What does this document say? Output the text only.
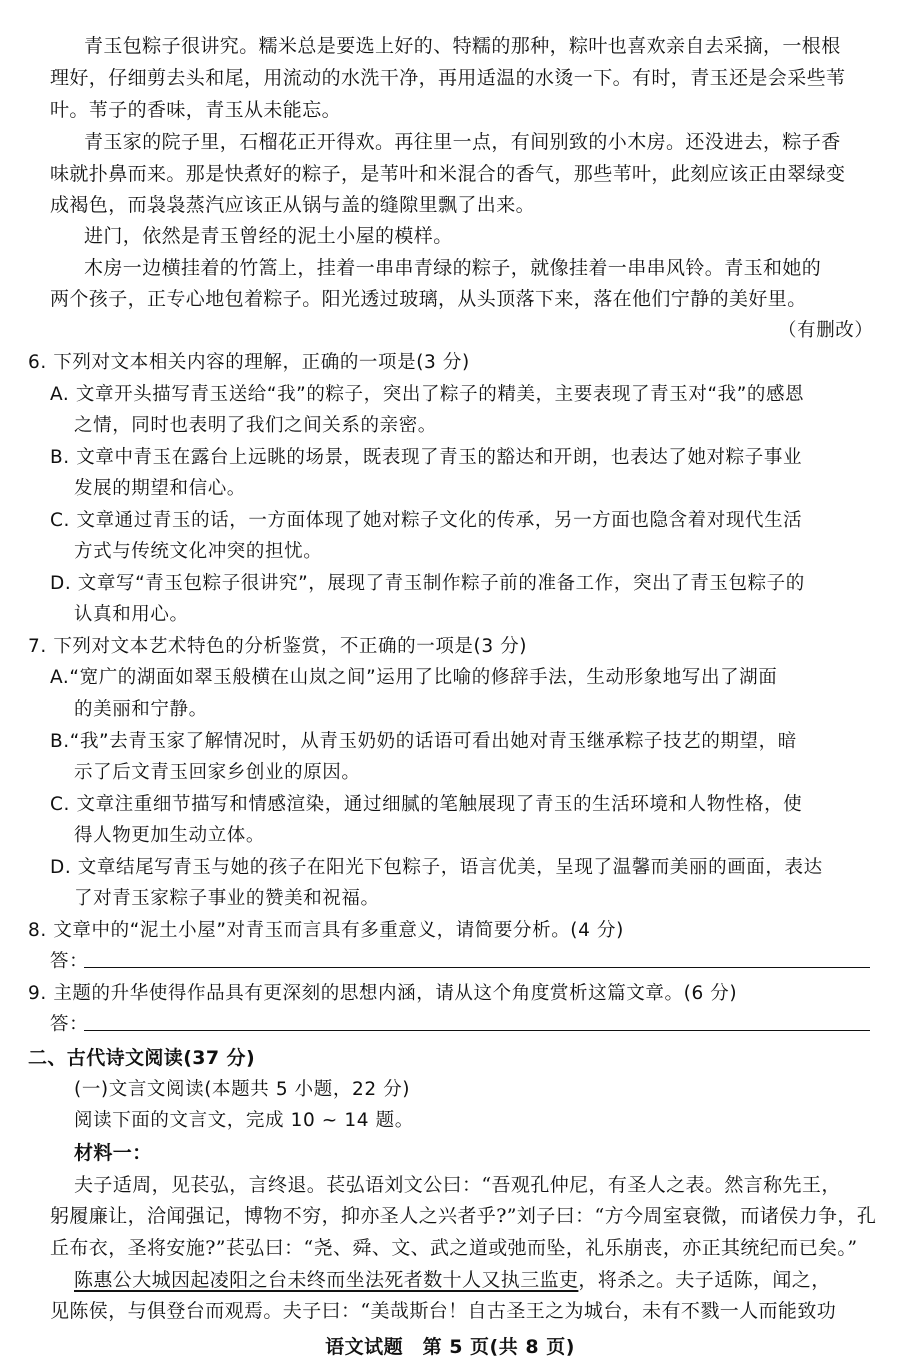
青玉包粽子很讲究。糯米总是要选上好的、特糯的那种，粽叶也喜欢亲自去采摘，一根根
理好，仔细剪去头和尾，用流动的水洗干净，再用适温的水烫一下。有时，青玉还是会采些苇
叶。苇子的香味，青玉从未能忘。
青玉家的院子里，石榴花正开得欢。再往里一点，有间别致的小木房。还没进去，粽子香
味就扑鼻而来。那是快煮好的粽子，是苇叶和米混合的香气，那些苇叶，此刻应该正由翠绿变
成褐色，而袅袅蒸汽应该正从锅与盖的缝隙里飘了出来。
进门，依然是青玉曾经的泥土小屋的模样。
木房一边横挂着的竹篙上，挂着一串串青绿的粽子，就像挂着一串串风铃。青玉和她的
两个孩子，正专心地包着粽子。阳光透过玻璃，从头顶落下来，落在他们宁静的美好里。
（有删改）
6. 下列对文本相关内容的理解，正确的一项是(3 分)
A. 文章开头描写青玉送给“我”的粽子，突出了粽子的精美，主要表现了青玉对“我”的感恩
之情，同时也表明了我们之间关系的亲密。
B. 文章中青玉在露台上远眺的场景，既表现了青玉的豁达和开朗，也表达了她对粽子事业
发展的期望和信心。
C. 文章通过青玉的话，一方面体现了她对粽子文化的传承，另一方面也隐含着对现代生活
方式与传统文化冲突的担忧。
D. 文章写“青玉包粽子很讲究”，展现了青玉制作粽子前的准备工作，突出了青玉包粽子的
认真和用心。
7. 下列对文本艺术特色的分析鉴赏，不正确的一项是(3 分)
A.“宽广的湖面如翠玉般横在山岚之间”运用了比喻的修辞手法，生动形象地写出了湖面
的美丽和宁静。
B.“我”去青玉家了解情况时，从青玉奶奶的话语可看出她对青玉继承粽子技艺的期望，暗
示了后文青玉回家乡创业的原因。
C. 文章注重细节描写和情感渲染，通过细腻的笔触展现了青玉的生活环境和人物性格，使
得人物更加生动立体。
D. 文章结尾写青玉与她的孩子在阳光下包粽子，语言优美，呈现了温馨而美丽的画面，表达
了对青玉家粽子事业的赞美和祝福。
8. 文章中的“泥土小屋”对青玉而言具有多重意义，请简要分析。(4 分)
答：
9. 主题的升华使得作品具有更深刻的思想内涵，请从这个角度赏析这篇文章。(6 分)
答：
二、古代诗文阅读(37 分)
(一)文言文阅读(本题共 5 小题，22 分)
阅读下面的文言文，完成 10 ~ 14 题。
材料一：
夫子适周，见苌弘，言终退。苌弘语刘文公曰：“吾观孔仲尼，有圣人之表。然言称先王，
躬履廉让，洽闻强记，博物不穷，抑亦圣人之兴者乎?”刘子曰：“方今周室衰微，而诸侯力争，孔
丘布衣，圣将安施?”苌弘曰：“尧、舜、文、武之道或弛而坠，礼乐崩丧，亦正其统纪而已矣。”
陈惠公大城因起凌阳之台未终而坐法死者数十人又执三监吏，将杀之。夫子适陈，闻之，
见陈侯，与俱登台而观焉。夫子曰：“美哉斯台！自古圣王之为城台，未有不戮一人而能致功
语文试题　第 5 页(共 8 页)
